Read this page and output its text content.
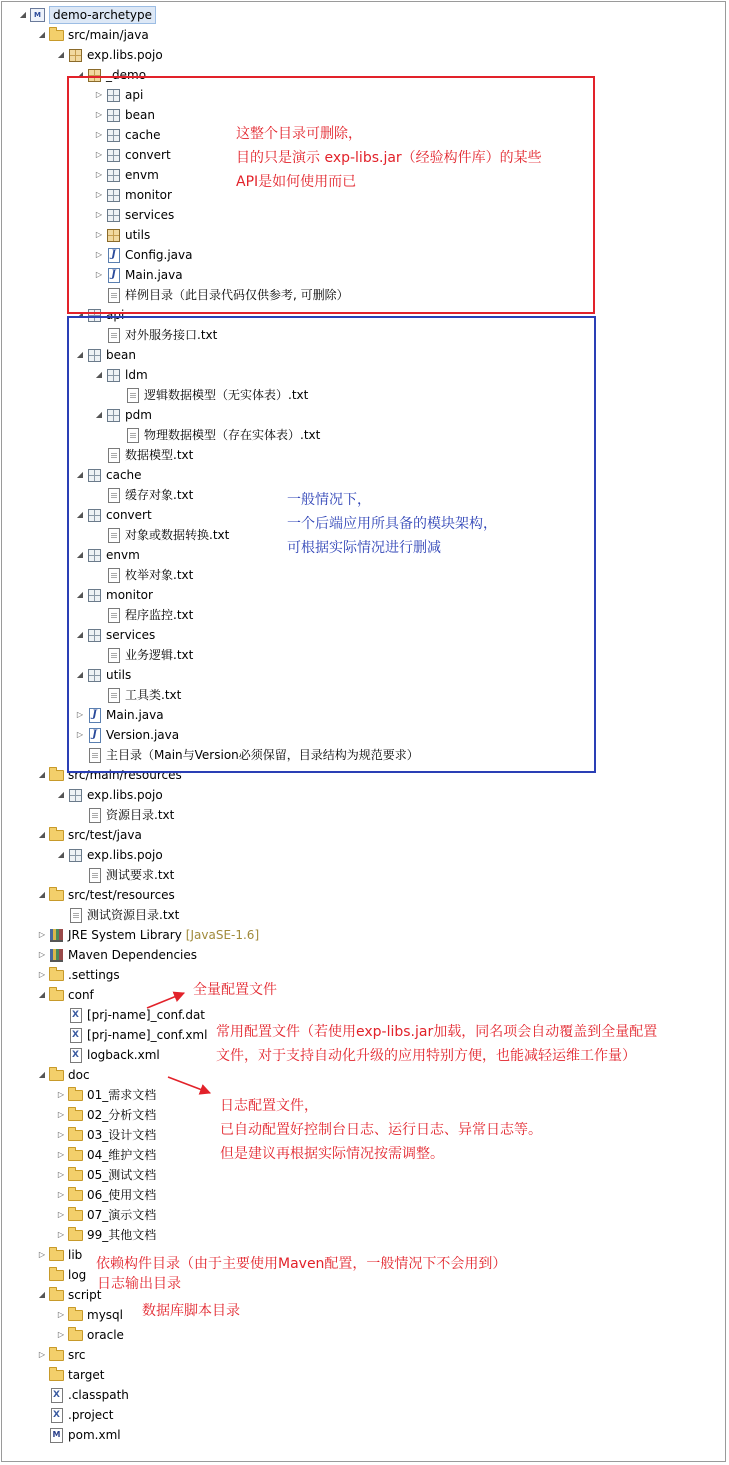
◢	M	demo-archetype
◢	src/main/java
◢	exp.libs.pojo
◢	_demo
▷	api
▷	bean
▷	cache
▷	convert
▷	envm
▷	monitor
▷	services
▷	utils
▷ J Config.java
▷ J Main.java
样例目录（此目录代码仅供参考, 可删除）
◢	api
对外服务接口.txt
◢	bean
◢	ldm
逻辑数据模型（无实体表）.txt
◢	pdm
物理数据模型（存在实体表）.txt
数据模型.txt
◢	cache
缓存对象.txt
◢	convert
对象或数据转换.txt
◢	envm
枚举对象.txt
◢	monitor
程序监控.txt
◢	services
业务逻辑.txt
◢	utils
工具类.txt
▷ J Main.java
▷ J Version.java
主目录（Main与Version必须保留，目录结构为规范要求）
◢	src/main/resources
◢	exp.libs.pojo
资源目录.txt
◢	src/test/java
◢	exp.libs.pojo
测试要求.txt
◢	src/test/resources
测试资源目录.txt
▷	JRE System Library [JavaSE-1.6]
▷	Maven Dependencies
▷	.settings
◢	conf
X [prj-name]_conf.dat
X [prj-name]_conf.xml
X logback.xml
◢	doc
▷	01_需求文档
▷	02_分析文档
▷	03_设计文档
▷	04_维护文档
▷	05_测试文档
▷	06_使用文档
▷	07_演示文档
▷	99_其他文档
▷	lib
log
◢	script
▷	mysql
▷	oracle
▷	src
target
X .classpath
X .project
M pom.xml
这整个目录可删除，
目的只是演示 exp-libs.jar（经验构件库）的某些
API是如何使用而已
一般情况下，
一个后端应用所具备的模块架构，
可根据实际情况进行删减
全量配置文件
常用配置文件（若使用exp-libs.jar加载，同名项会自动覆盖到全量配置
文件，对于支持自动化升级的应用特别方便，也能减轻运维工作量）
日志配置文件，
已自动配置好控制台日志、运行日志、异常日志等。
但是建议再根据实际情况按需调整。
依赖构件目录（由于主要使用Maven配置，一般情况下不会用到）
日志输出目录
数据库脚本目录
